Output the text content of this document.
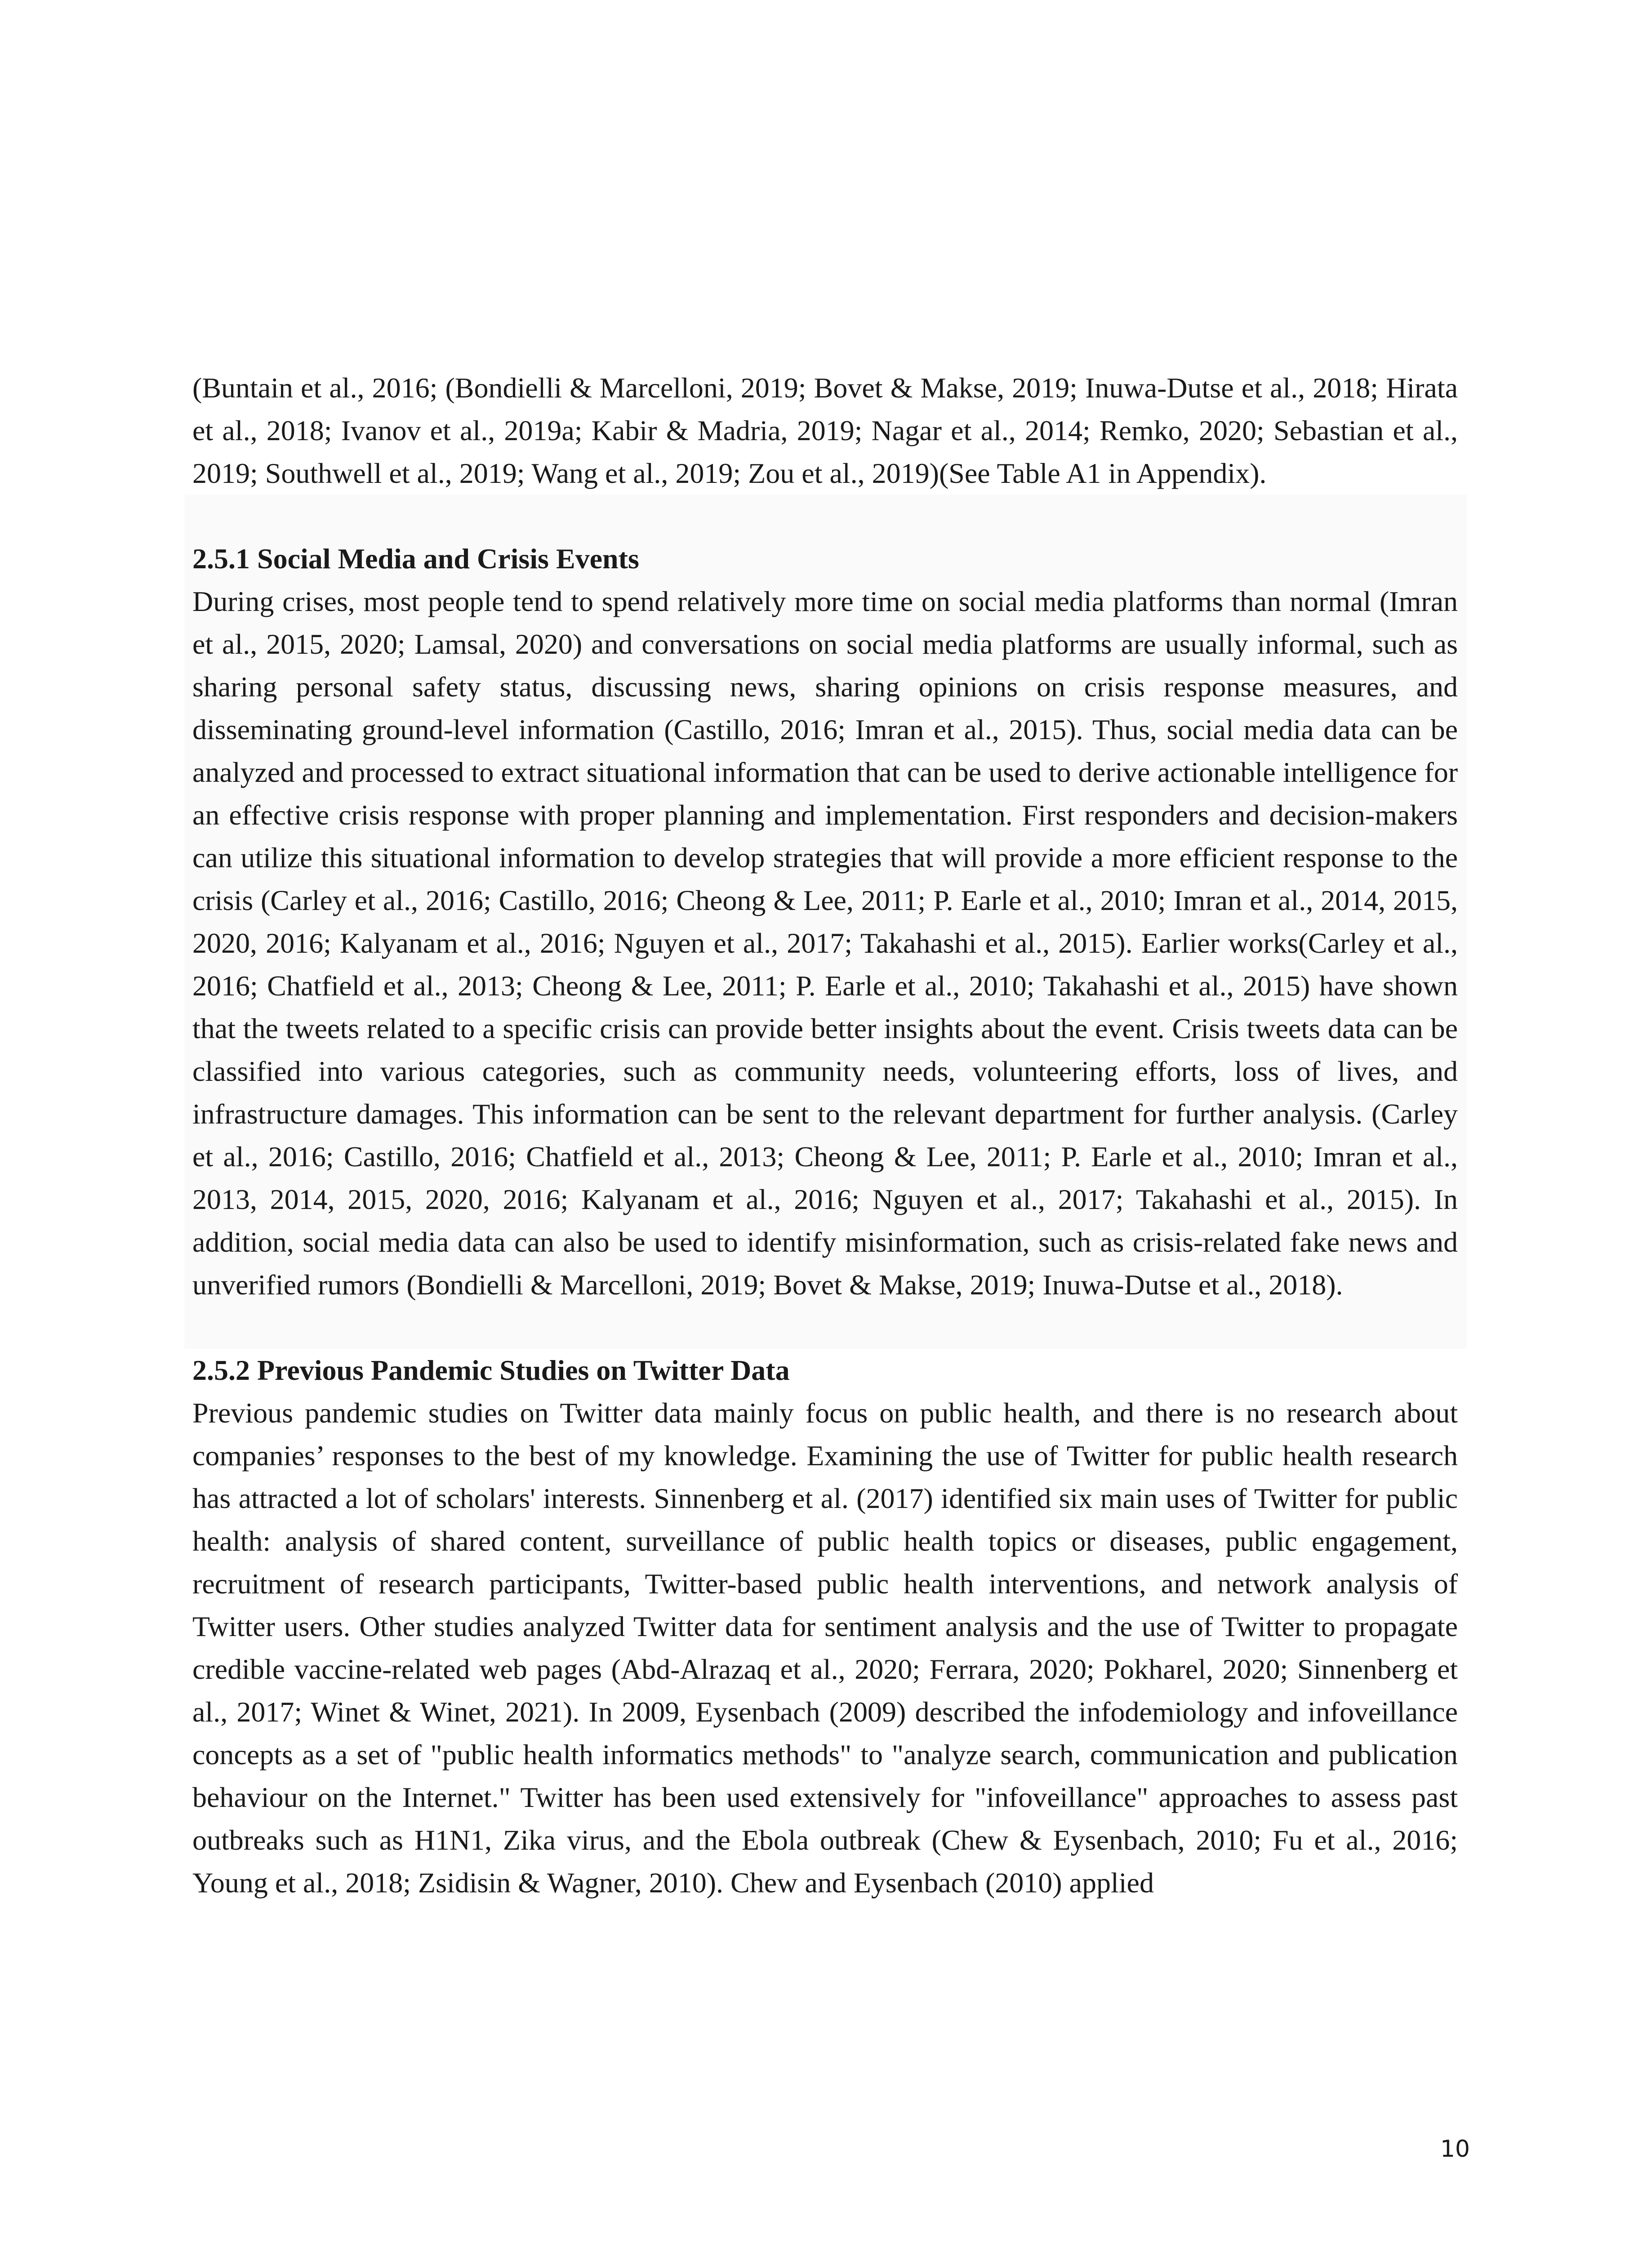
(Buntain et al., 2016; (Bondielli & Marcelloni, 2019; Bovet & Makse, 2019; Inuwa-Dutse et al., 2018; Hirata et al., 2018; Ivanov et al., 2019a; Kabir & Madria, 2019; Nagar et al., 2014; Remko, 2020; Sebastian et al., 2019; Southwell et al., 2019; Wang et al., 2019; Zou et al., 2019)(See Table A1 in Appendix).

2.5.1 Social Media and Crisis Events

During crises, most people tend to spend relatively more time on social media platforms than normal (Imran et al., 2015, 2020; Lamsal, 2020) and conversations on social media platforms are usually informal, such as sharing personal safety status, discussing news, sharing opinions on crisis response measures, and disseminating ground-level information (Castillo, 2016; Imran et al., 2015). Thus, social media data can be analyzed and processed to extract situational information that can be used to derive actionable intelligence for an effective crisis response with proper planning and implementation. First responders and decision-makers can utilize this situational information to develop strategies that will provide a more efficient response to the crisis (Carley et al., 2016; Castillo, 2016; Cheong & Lee, 2011; P. Earle et al., 2010; Imran et al., 2014, 2015, 2020, 2016; Kalyanam et al., 2016; Nguyen et al., 2017; Takahashi et al., 2015). Earlier works(Carley et al., 2016; Chatfield et al., 2013; Cheong & Lee, 2011; P. Earle et al., 2010; Takahashi et al., 2015) have shown that the tweets related to a specific crisis can provide better insights about the event. Crisis tweets data can be classified into various categories, such as community needs, volunteering efforts, loss of lives, and infrastructure damages. This information can be sent to the relevant department for further analysis. (Carley et al., 2016; Castillo, 2016; Chatfield et al., 2013; Cheong & Lee, 2011; P. Earle et al., 2010; Imran et al., 2013, 2014, 2015, 2020, 2016; Kalyanam et al., 2016; Nguyen et al., 2017; Takahashi et al., 2015). In addition, social media data can also be used to identify misinformation, such as crisis-related fake news and unverified rumors (Bondielli & Marcelloni, 2019; Bovet & Makse, 2019; Inuwa-Dutse et al., 2018).

2.5.2 Previous Pandemic Studies on Twitter Data

Previous pandemic studies on Twitter data mainly focus on public health, and there is no research about companies’ responses to the best of my knowledge. Examining the use of Twitter for public health research has attracted a lot of scholars' interests. Sinnenberg et al. (2017) identified six main uses of Twitter for public health: analysis of shared content, surveillance of public health topics or diseases, public engagement, recruitment of research participants, Twitter-based public health interventions, and network analysis of Twitter users. Other studies analyzed Twitter data for sentiment analysis and the use of Twitter to propagate credible vaccine-related web pages (Abd-Alrazaq et al., 2020; Ferrara, 2020; Pokharel, 2020; Sinnenberg et al., 2017; Winet & Winet, 2021). In 2009, Eysenbach (2009) described the infodemiology and infoveillance concepts as a set of "public health informatics methods" to "analyze search, communication and publication behaviour on the Internet." Twitter has been used extensively for "infoveillance" approaches to assess past outbreaks such as H1N1, Zika virus, and the Ebola outbreak (Chew & Eysenbach, 2010; Fu et al., 2016; Young et al., 2018; Zsidisin & Wagner, 2010). Chew and Eysenbach (2010) applied

10
